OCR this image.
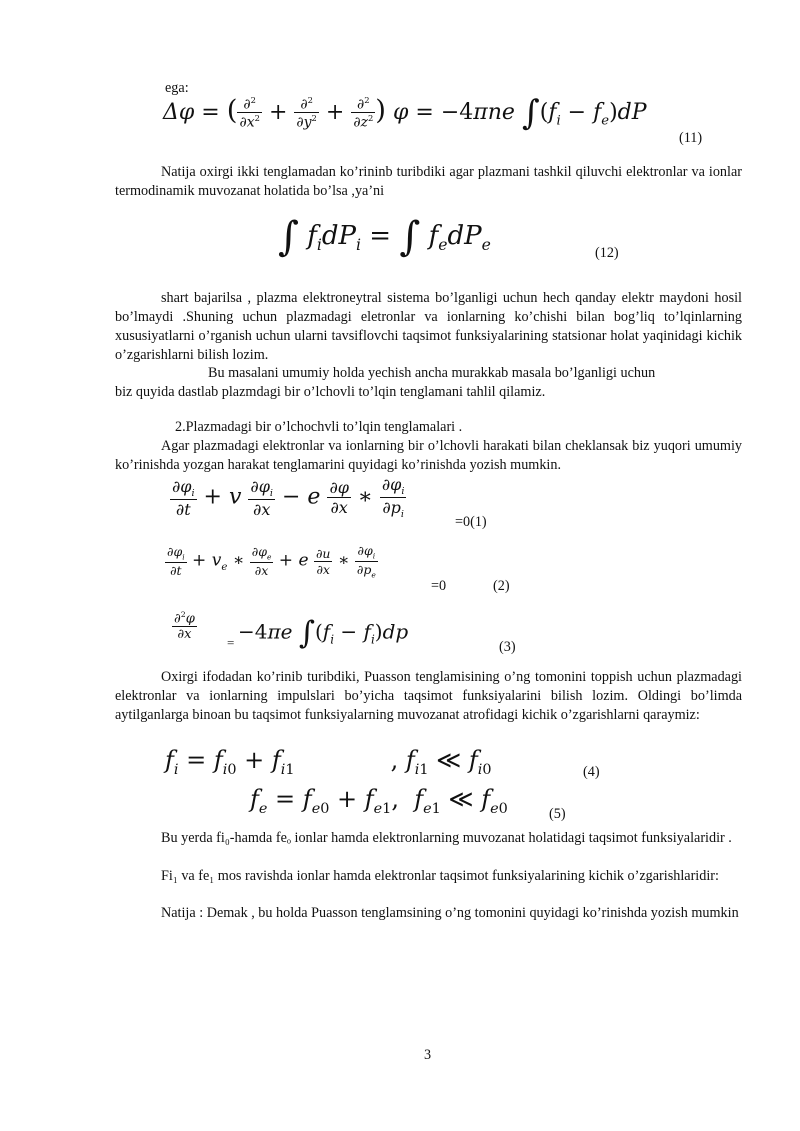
ega:
Δφ = ( $\frac{\partial^2}{\partial x^2} + \frac{\partial^2}{\partial y^2} + \frac{\partial^2}{\partial z^2}$ ) φ = −4πne $\int(f_i - f_e)dP$
(11)
Natija oxirgi ikki tenglamadan ko’rininb turibdiki agar plazmani tashkil qiluvchi elektronlar va ionlar termodinamik muvozanat holatida bo’lsa ,ya’ni
∫ $f_idP_i$ = ∫ $f_edP_e$	(12)
shart bajarilsa , plazma elektroneytral sistema bo’lganligi uchun hech qanday elektr maydoni hosil bo’lmaydi .Shuning uchun plazmadagi eletronlar va ionlarning ko’chishi bilan bog’liq to’lqinlarning xususiyatlarni o’rganish uchun ularni tavsiflovchi taqsimot funksiyalarining statsionar holat yaqinidagi kichik o’zgarishlarni bilish lozim.
Bu masalani umumiy holda yechish ancha murakkab masala bo’lganligi uchun
biz quyida dastlab plazmdagi bir o’lchovli to’lqin tenglamani tahlil qilamiz.
2.Plazmadagi bir o’lchochvli to’lqin tenglamalari .
Agar plazmadagi elektronlar va ionlarning bir o’lchovli harakati bilan cheklansak biz yuqori umumiy ko’rinishda yozgan harakat tenglamarini quyidagi ko’rinishda yozish mumkin.
$\frac{\partial\varphi_i}{\partial t} + v \frac{\partial\varphi_i}{\partial x} - e \frac{\partial\varphi}{\partial x}$ ∗ $\frac{\partial\varphi_i}{\partial p_i}$
=0(1)
$\frac{\partial\varphi_i}{\partial t} + v_e$ ∗ $\frac{\partial\varphi_e}{\partial x} + e \frac{\partial u}{\partial x}$ ∗ $\frac{\partial\varphi_i}{\partial p_e}$
=0	(2)
$\frac{\partial^2\varphi}{\partial x}$
= −4πe $\int(f_i - f_i)dp$
(3)
Oxirgi ifodadan ko’rinib turibdiki, Puasson tenglamisining o’ng tomonini toppish uchun plazmadagi elektronlar va ionlarning impulslari bo’yicha taqsimot funksiyalarini bilish lozim. Oldingi bo’limda aytilganlarga binoan bu taqsimot funksiyalarning muvozanat atrofidagi kichik o’zgarishlarni qaraymiz:
$f_i = f_{i0} + f_{i1}$	, $f_{i1}$ ≪ $f_{i0}$	(4)
$f_e = f_{e0} + f_{e1}$,  $f_{e1}$ ≪ $f_{e0}$	(5)
Bu yerda fi₀-hamda feₒ ionlar hamda elektronlarning muvozanat holatidagi taqsimot funksiyalaridir .
Fi₁ va fe₁ mos ravishda ionlar hamda elektronlar taqsimot funksiyalarining kichik o’zgarishlaridir:
Natija : Demak , bu holda Puasson tenglamsining o’ng tomonini quyidagi ko’rinishda yozish mumkin
3
